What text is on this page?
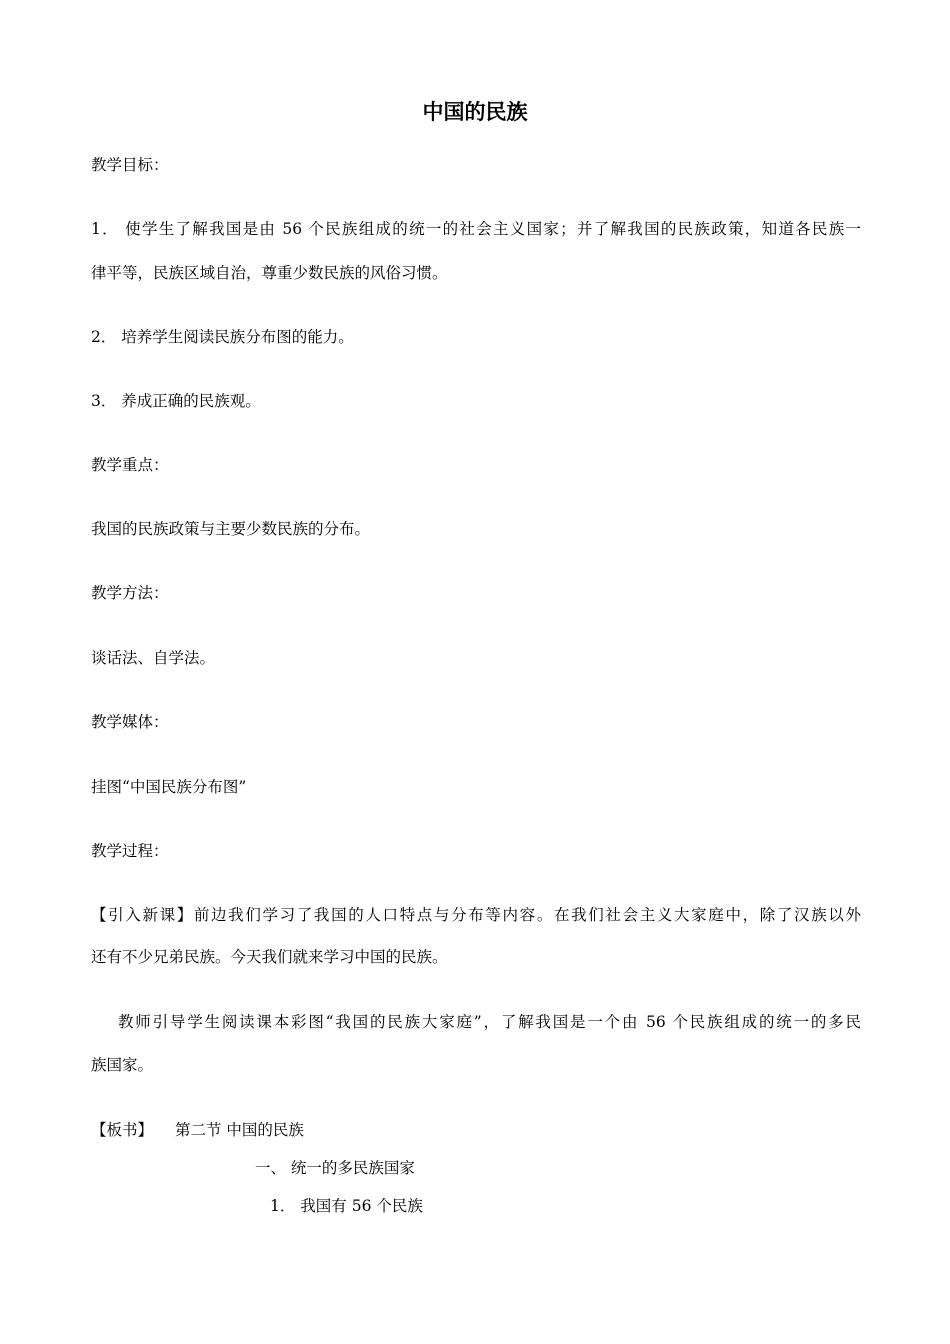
中国的民族
教学目标：
1． 使学生了解我国是由 56 个民族组成的统一的社会主义国家；并了解我国的民族政策，知道各民族一
律平等，民族区域自治，尊重少数民族的风俗习惯。
2． 培养学生阅读民族分布图的能力。
3． 养成正确的民族观。
教学重点：
我国的民族政策与主要少数民族的分布。
教学方法：
谈话法、自学法。
教学媒体：
挂图“中国民族分布图”
教学过程：
【引入新课】前边我们学习了我国的人口特点与分布等内容。在我们社会主义大家庭中，除了汉族以外
还有不少兄弟民族。今天我们就来学习中国的民族。
教师引导学生阅读课本彩图“我国的民族大家庭”，了解我国是一个由 56 个民族组成的统一的多民
族国家。
【板书】 第二节 中国的民族
一、 统一的多民族国家
1． 我国有 56 个民族
